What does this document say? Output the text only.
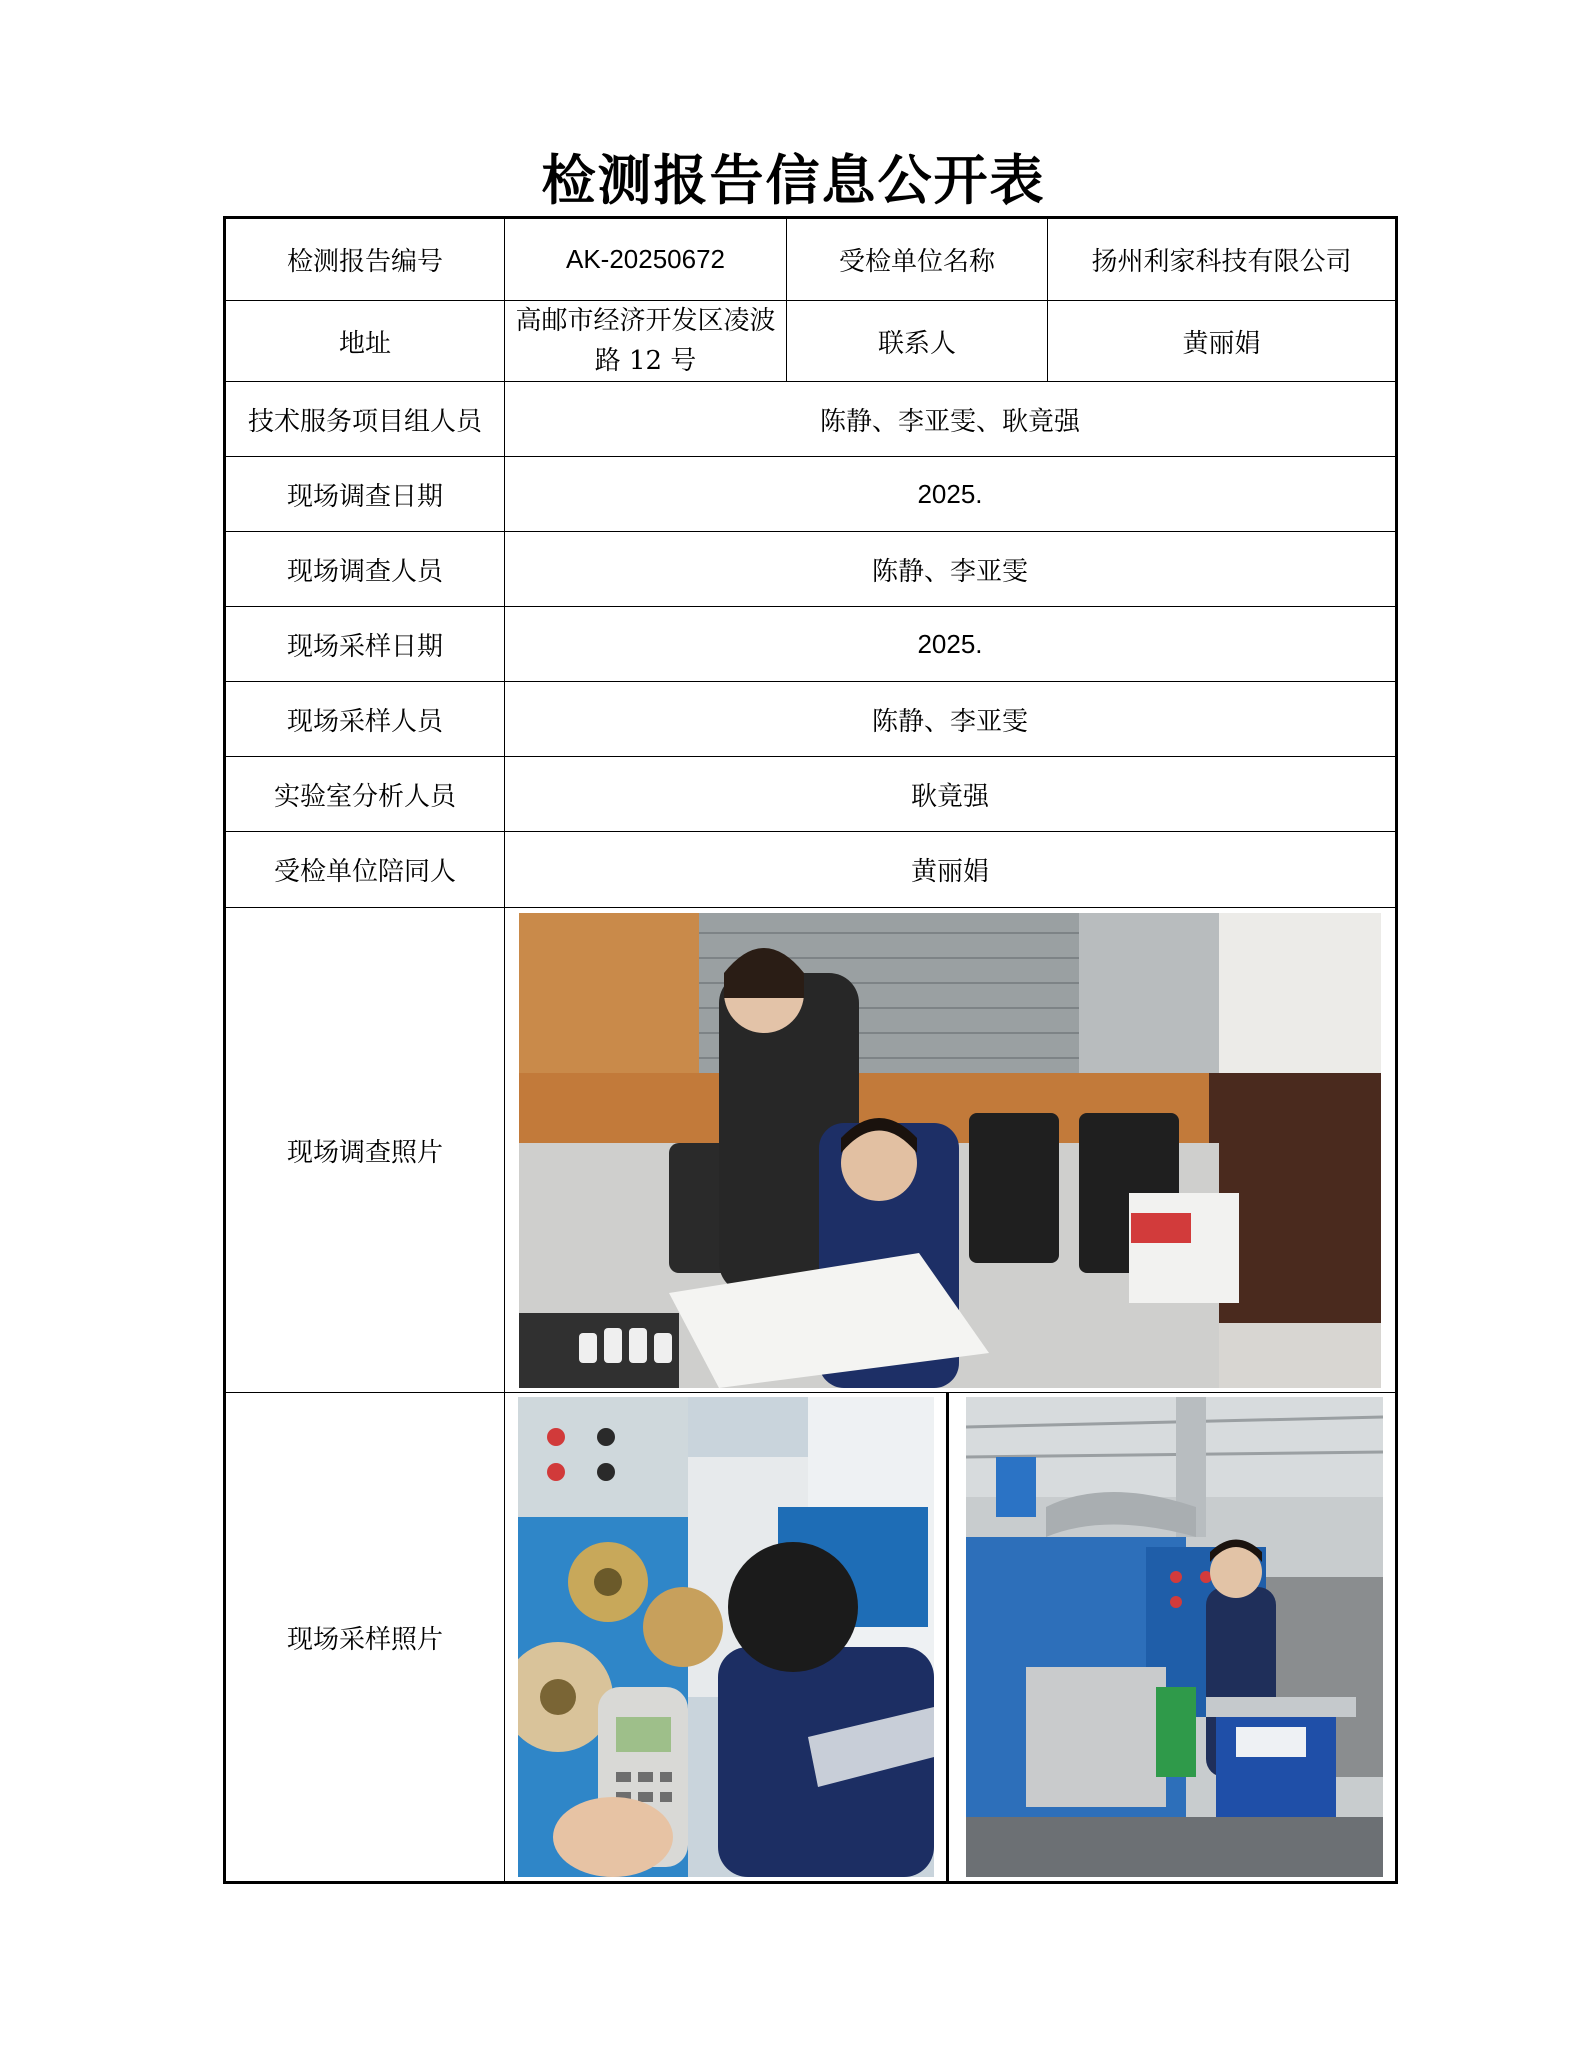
检测报告信息公开表
检测报告编号	AK-20250672	受检单位名称	扬州利家科技有限公司
地址	高邮市经济开发区凌波路 12 号	联系人	黄丽娟
技术服务项目组人员	陈静、李亚雯、耿竟强		
现场调查日期	2025.		
现场调查人员	陈静、李亚雯		
现场采样日期	2025.		
现场采样人员	陈静、李亚雯		
实验室分析人员	耿竟强		
受检单位陪同人	黄丽娟		
现场调查照片	

现场采样照片	
